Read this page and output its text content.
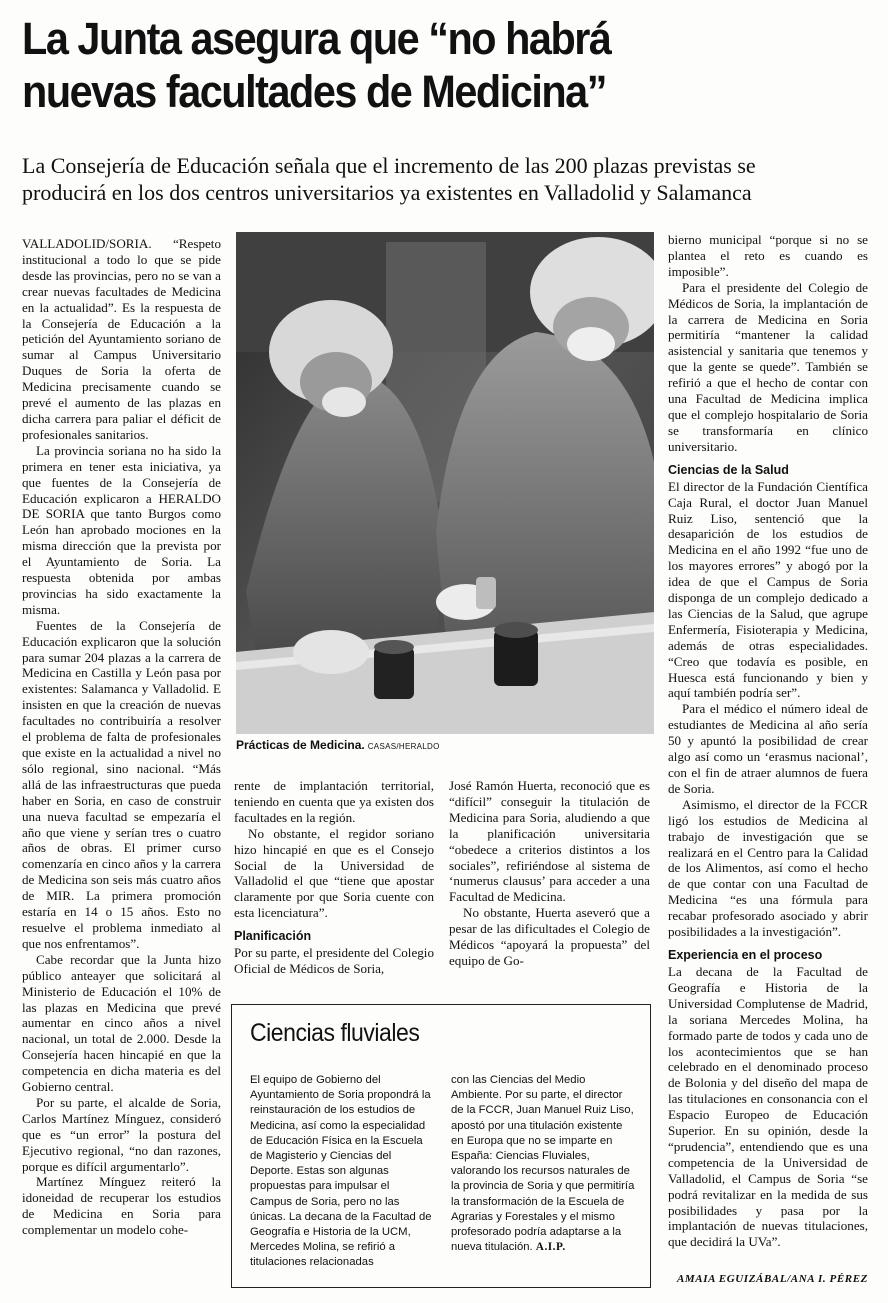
La Junta asegura que “no habrá
nuevas facultades de Medicina”
La Consejería de Educación señala que el incremento de las 200 plazas previstas se
producirá en los dos centros universitarios ya existentes en Valladolid y Salamanca

VALLADOLID/SORIA. “Respeto institucional a todo lo que se pide desde las provincias, pero no se van a crear nuevas facultades de Medicina en la actualidad”. Es la respuesta de la Consejería de Educación a la petición del Ayuntamiento soriano de sumar al Campus Universitario Duques de Soria la oferta de Medicina precisamente cuando se prevé el aumento de las plazas en dicha carrera para paliar el déficit de profesionales sanitarios.

La provincia soriana no ha sido la primera en tener esta iniciativa, ya que fuentes de la Consejería de Educación explicaron a HERALDO DE SORIA que tanto Burgos como León han aprobado mociones en la misma dirección que la prevista por el Ayuntamiento de Soria. La respuesta obtenida por ambas provincias ha sido exactamente la misma.

Fuentes de la Consejería de Educación explicaron que la solución para sumar 204 plazas a la carrera de Medicina en Castilla y León pasa por existentes: Salamanca y Valladolid. E insisten en que la creación de nuevas facultades no contribuiría a resolver el problema de falta de profesionales que existe en la actualidad a nivel no sólo regional, sino nacional. “Más allá de las infraestructuras que pueda haber en Soria, en caso de construir una nueva facultad se empezaría el año que viene y serían tres o cuatro años de obras. El primer curso comenzaría en cinco años y la carrera de Medicina son seis más cuatro años de MIR. La primera promoción estaría en 14 o 15 años. Esto no resuelve el problema inmediato al que nos enfrentamos”.

Cabe recordar que la Junta hizo público anteayer que solicitará al Ministerio de Educación el 10% de las plazas en Medicina que prevé aumentar en cinco años a nivel nacional, un total de 2.000. Desde la Consejería hacen hincapié en que la competencia en dicha materia es del Gobierno central.

Por su parte, el alcalde de Soria, Carlos Martínez Mínguez, consideró que es “un error” la postura del Ejecutivo regional, “no dan razones, porque es difícil argumentarlo”.

Martínez Mínguez reiteró la idoneidad de recuperar los estudios de Medicina en Soria para complementar un modelo cohe-

Prácticas de Medicina. CASAS/HERALDO

rente de implantación territorial, teniendo en cuenta que ya existen dos facultades en la región.

No obstante, el regidor soriano hizo hincapié en que es el Consejo Social de la Universidad de Valladolid el que “tiene que apostar claramente por que Soria cuente con esta licenciatura”.

Planificación

Por su parte, el presidente del Colegio Oficial de Médicos de Soria,

José Ramón Huerta, reconoció que es “difícil” conseguir la titulación de Medicina para Soria, aludiendo a que la planificación universitaria “obedece a criterios distintos a los sociales”, refiriéndose al sistema de ‘numerus clausus’ para acceder a una Facultad de Medicina.

No obstante, Huerta aseveró que a pesar de las dificultades el Colegio de Médicos “apoyará la propuesta” del equipo de Go-

bierno municipal “porque si no se plantea el reto es cuando es imposible”.

Para el presidente del Colegio de Médicos de Soria, la implantación de la carrera de Medicina en Soria permitiría “mantener la calidad asistencial y sanitaria que tenemos y que la gente se quede”. También se refirió a que el hecho de contar con una Facultad de Medicina implica que el complejo hospitalario de Soria se transformaría en clínico universitario.

Ciencias de la Salud

El director de la Fundación Científica Caja Rural, el doctor Juan Manuel Ruiz Liso, sentenció que la desaparición de los estudios de Medicina en el año 1992 “fue uno de los mayores errores” y abogó por la idea de que el Campus de Soria disponga de un complejo dedicado a las Ciencias de la Salud, que agrupe Enfermería, Fisioterapia y Medicina, además de otras especialidades. “Creo que todavía es posible, en Huesca está funcionando y bien y aquí también podría ser”.

Para el médico el número ideal de estudiantes de Medicina al año sería 50 y apuntó la posibilidad de crear algo así como un ‘erasmus nacional’, con el fin de atraer alumnos de fuera de Soria.

Asimismo, el director de la FCCR ligó los estudios de Medicina al trabajo de investigación que se realizará en el Centro para la Calidad de los Alimentos, así como el hecho de que contar con una Facultad de Medicina “es una fórmula para recabar profesorado asociado y abrir posibilidades a la investigación”.

Experiencia en el proceso

La decana de la Facultad de Geografía e Historia de la Universidad Complutense de Madrid, la soriana Mercedes Molina, ha formado parte de todos y cada uno de los acontecimientos que se han celebrado en el denominado proceso de Bolonia y del diseño del mapa de las titulaciones en consonancia con el Espacio Europeo de Educación Superior. En su opinión, desde la “prudencia”, entendiendo que es una competencia de la Universidad de Valladolid, el Campus de Soria “se podrá revitalizar en la medida de sus posibilidades y pasa por la implantación de nuevas titulaciones, que decidirá la UVa”.

Ciencias fluviales
El equipo de Gobierno del Ayuntamiento de Soria propondrá la reinstauración de los estudios de Medicina, así como la especialidad de Educación Física en la Escuela de Magisterio y Ciencias del Deporte. Estas son algunas propuestas para impulsar el Campus de Soria, pero no las únicas. La decana de la Facultad de Geografía e Historia de la UCM, Mercedes Molina, se refirió a titulaciones relacionadas
con las Ciencias del Medio Ambiente. Por su parte, el director de la FCCR, Juan Manuel Ruiz Liso, apostó por una titulación existente en Europa que no se imparte en España: Ciencias Fluviales, valorando los recursos naturales de la provincia de Soria y que permitiría la transformación de la Escuela de Agrarias y Forestales y el mismo profesorado podría adaptarse a la nueva titulación. A.I.P.
AMAIA EGUIZÁBAL/ANA I. PÉREZ
